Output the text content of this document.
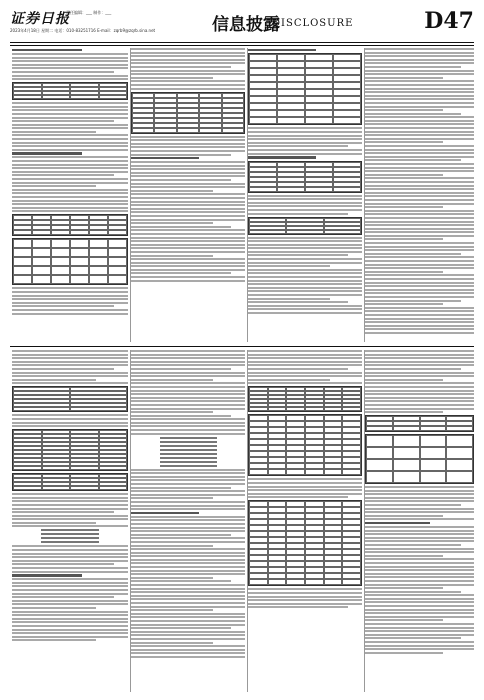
证券日报
责任编辑：___ 制作：___
2023年4月18日 星期二 电话：010-83251716 E-mail：zqrb9@zqrb.sina.net	信息披露
DISCLOSURE	D47
